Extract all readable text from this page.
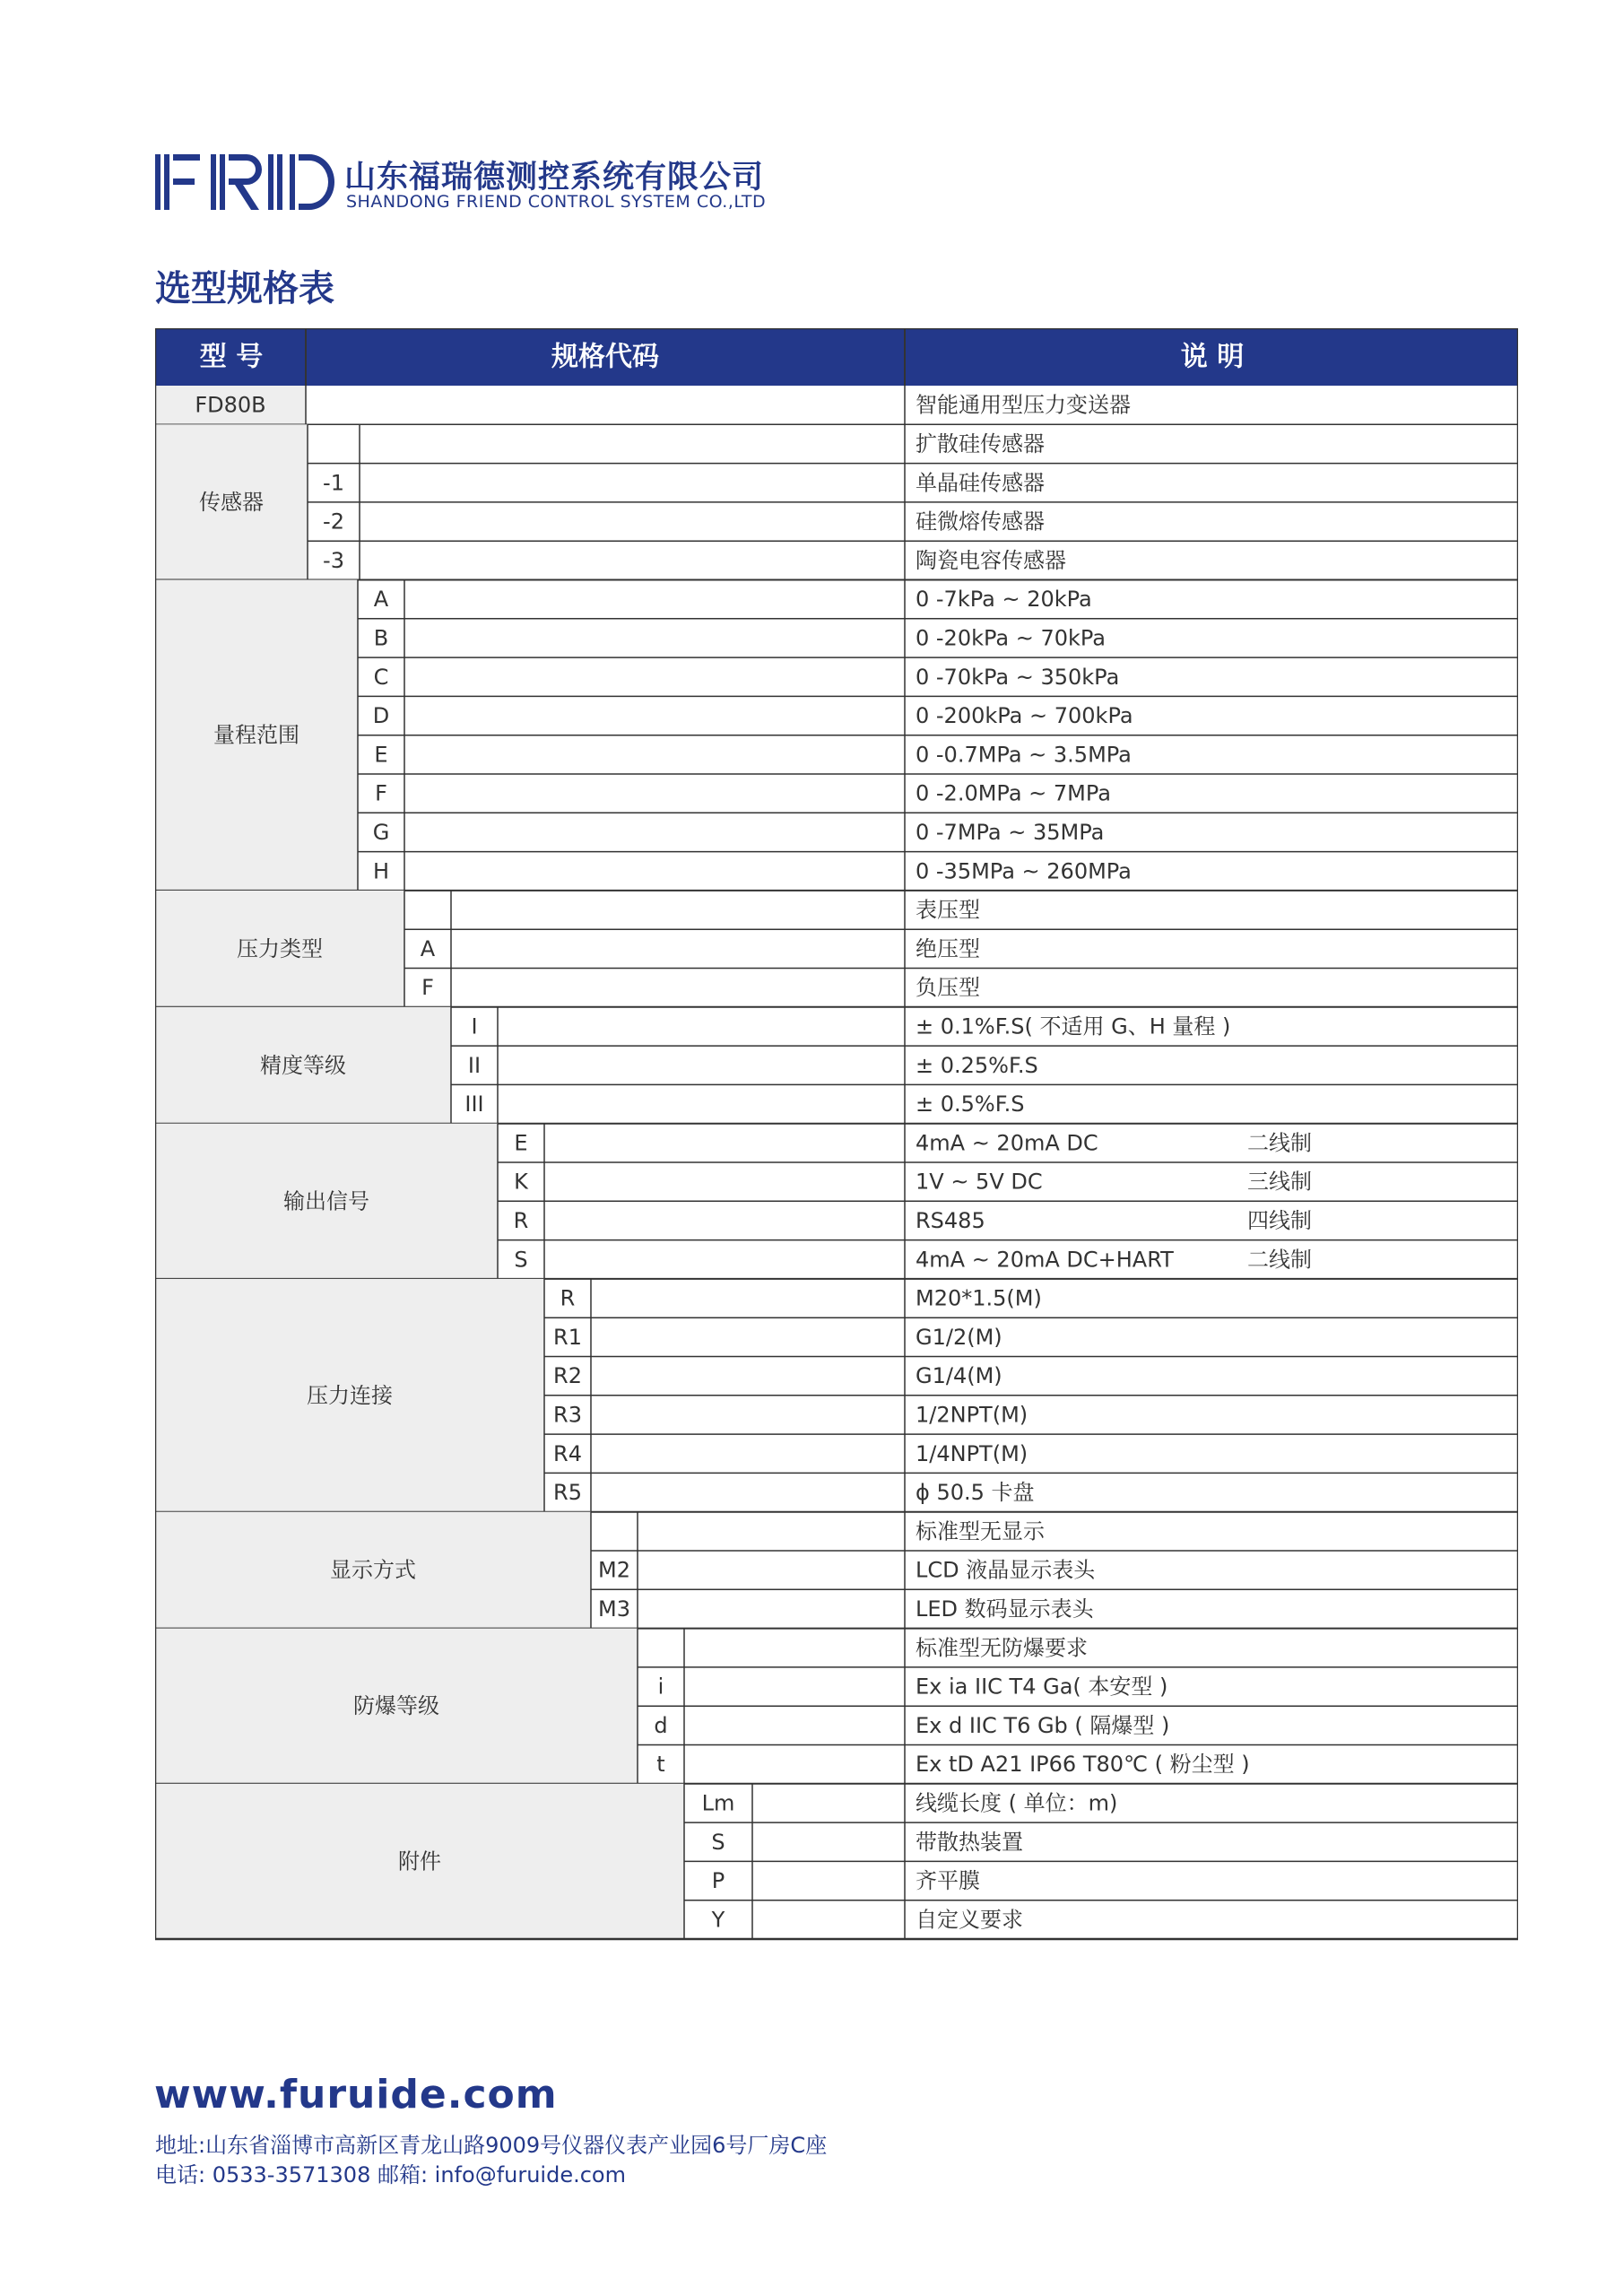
山东福瑞德测控系统有限公司
SHANDONG FRIEND CONTROL SYSTEM CO.,LTD
选型规格表
型 号	规格代码	说 明
FD80B	智能通用型压力变送器
传感器
扩散硅传感器
-1	单晶硅传感器
-2	硅微熔传感器
-3	陶瓷电容传感器
量程范围
A	0 -7kPa ~ 20kPa
B	0 -20kPa ~ 70kPa
C	0 -70kPa ~ 350kPa
D	0 -200kPa ~ 700kPa
E	0 -0.7MPa ~ 3.5MPa
F	0 -2.0MPa ~ 7MPa
G	0 -7MPa ~ 35MPa
H	0 -35MPa ~ 260MPa
压力类型
表压型
A	绝压型
F	负压型
精度等级
I	± 0.1%F.S( 不适用 G、H 量程 )
II	± 0.25%F.S
III	± 0.5%F.S
输出信号
E	4mA ~ 20mA DC	二线制
K	1V ~ 5V DC	三线制
R	RS485	四线制
S	4mA ~ 20mA DC+HART	二线制
压力连接
R	M20*1.5(M)
R1	G1/2(M)
R2	G1/4(M)
R3	1/2NPT(M)
R4	1/4NPT(M)
R5	ϕ 50.5 卡盘
显示方式
标准型无显示
M2	LCD 液晶显示表头
M3	LED 数码显示表头
防爆等级
标准型无防爆要求
i	Ex ia IIC T4 Ga( 本安型 )
d	Ex d IIC T6 Gb ( 隔爆型 )
t	Ex tD A21 IP66 T80℃ ( 粉尘型 )
附件
Lm	线缆长度 ( 单位：m)
S	带散热装置
P	齐平膜
Y	自定义要求
www.furuide.com
地址:山东省淄博市高新区青龙山路9009号仪器仪表产业园6号厂房C座
电话: 0533-3571308 邮箱: info@furuide.com
